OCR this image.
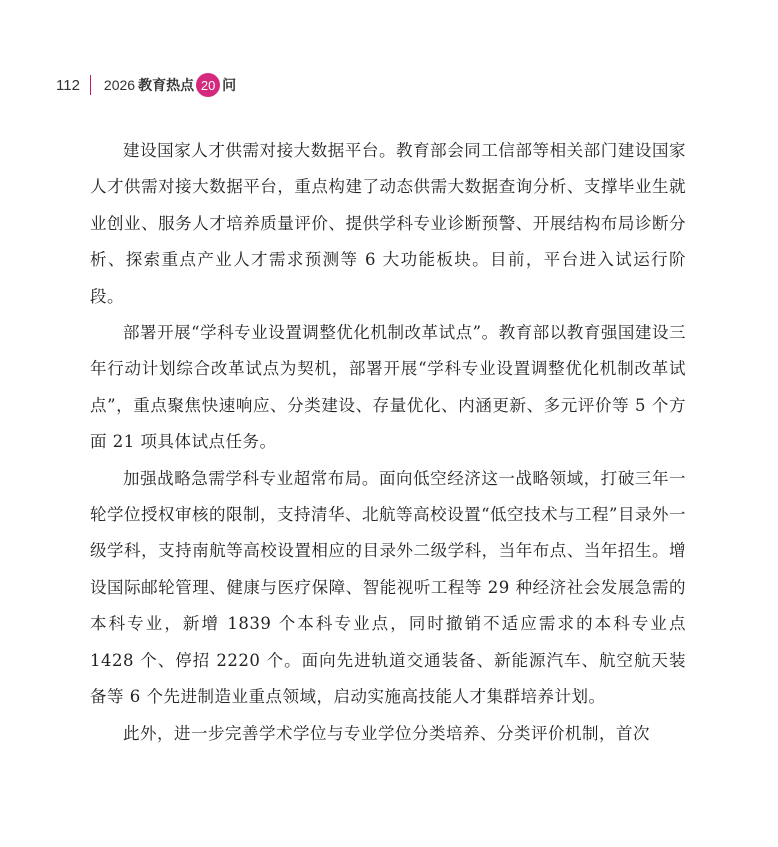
112 2026 教育热点 20 问

建设国家人才供需对接大数据平台。教育部会同工信部等相关部门建设国家人才供需对接大数据平台，重点构建了动态供需大数据查询分析、支撑毕业生就业创业、服务人才培养质量评价、提供学科专业诊断预警、开展结构布局诊断分析、探索重点产业人才需求预测等 6 大功能板块。目前，平台进入试运行阶段。

部署开展“学科专业设置调整优化机制改革试点”。教育部以教育强国建设三年行动计划综合改革试点为契机，部署开展“学科专业设置调整优化机制改革试点”，重点聚焦快速响应、分类建设、存量优化、内涵更新、多元评价等 5 个方面 21 项具体试点任务。

加强战略急需学科专业超常布局。面向低空经济这一战略领域，打破三年一轮学位授权审核的限制，支持清华、北航等高校设置“低空技术与工程”目录外一级学科，支持南航等高校设置相应的目录外二级学科，当年布点、当年招生。增设国际邮轮管理、健康与医疗保障、智能视听工程等 29 种经济社会发展急需的本科专业，新增 1839 个本科专业点，同时撤销不适应需求的本科专业点 1428 个、停招 2220 个。面向先进轨道交通装备、新能源汽车、航空航天装备等 6 个先进制造业重点领域，启动实施高技能人才集群培养计划。

此外，进一步完善学术学位与专业学位分类培养、分类评价机制，首次
